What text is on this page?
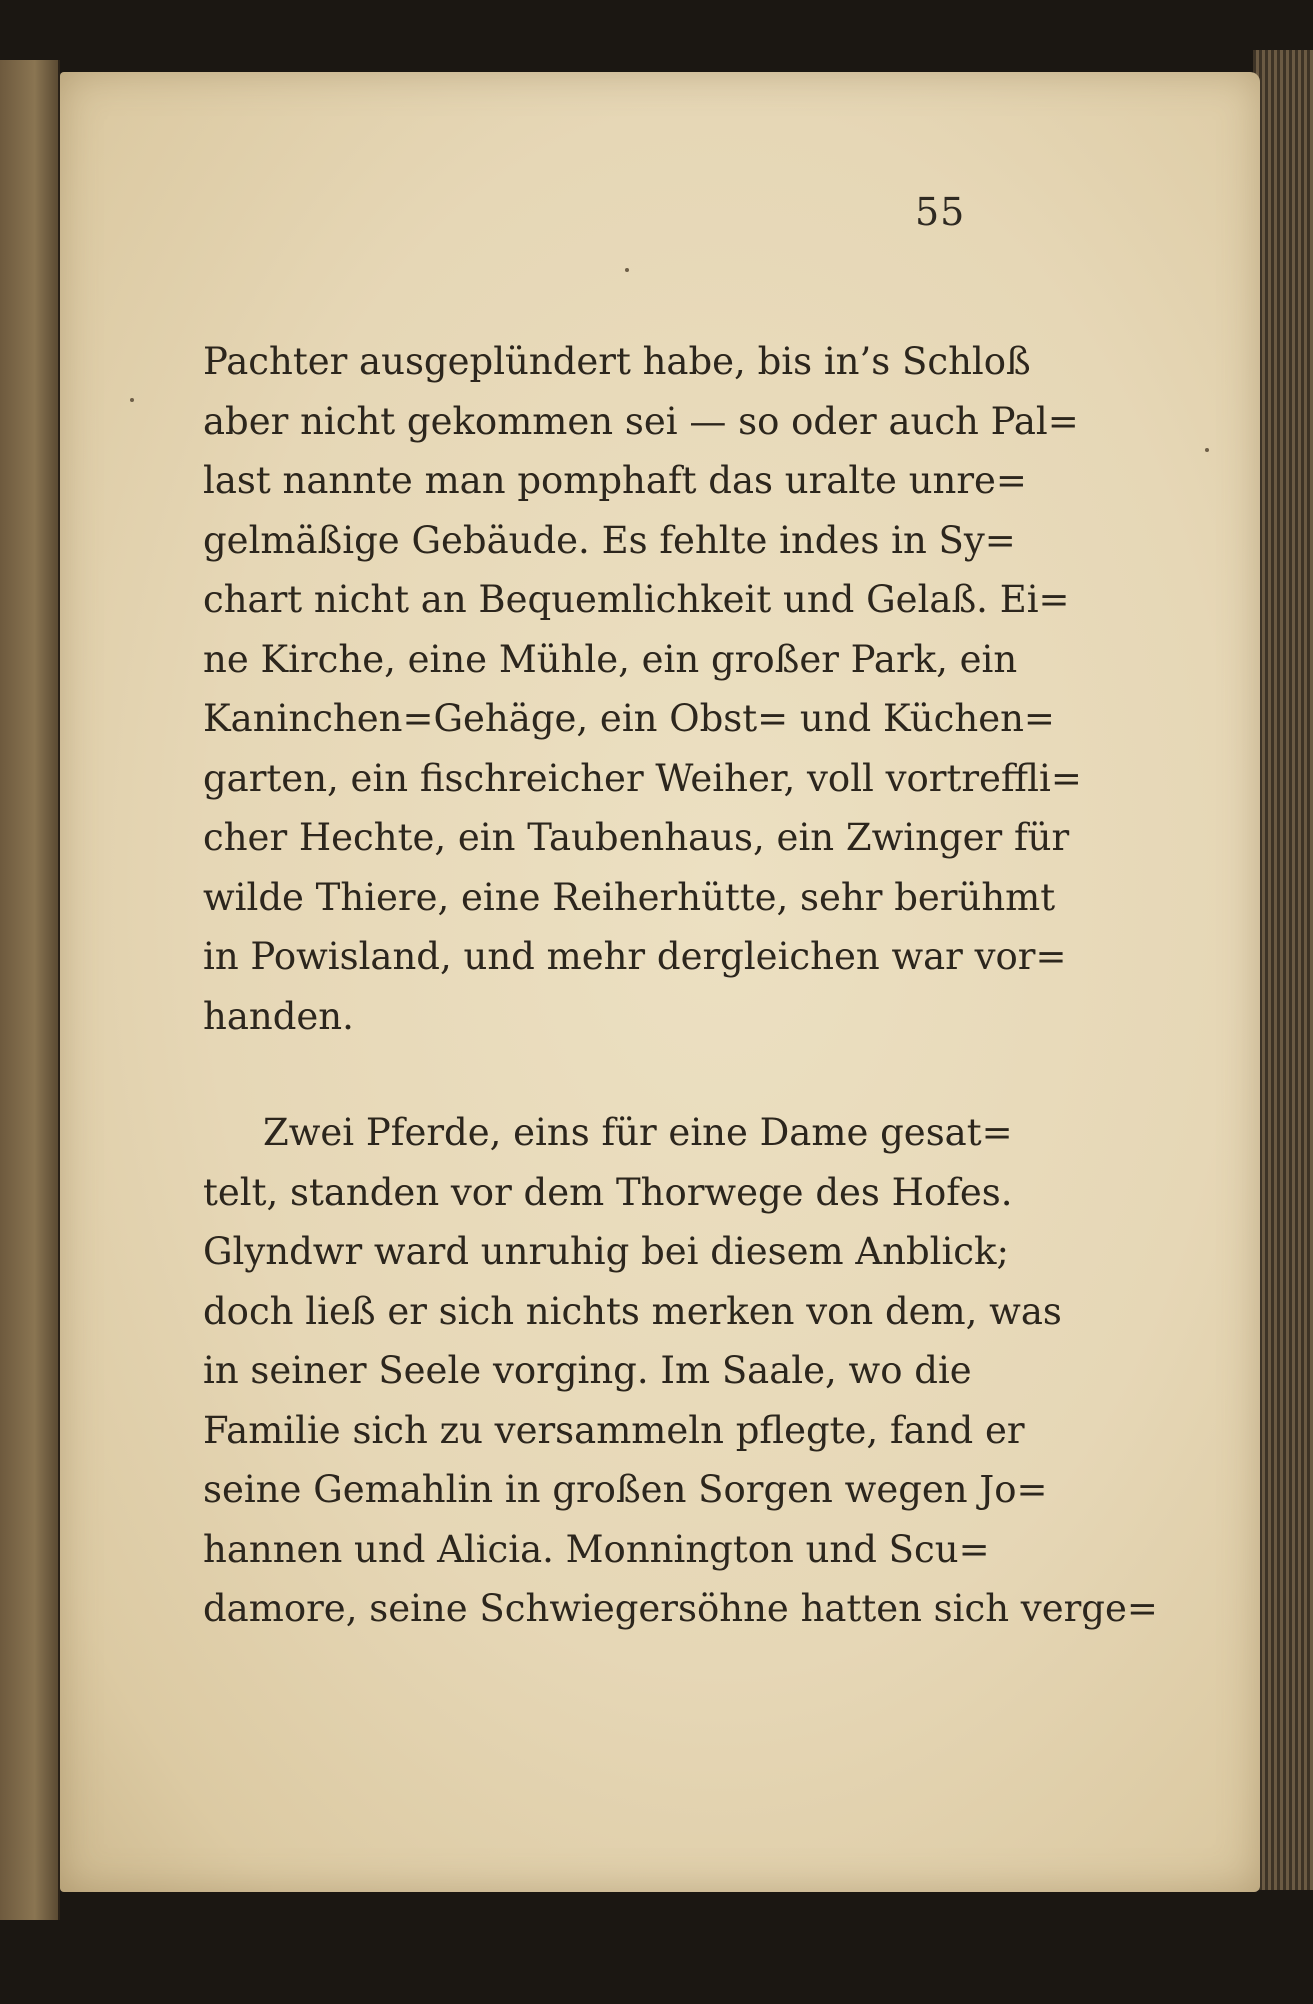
55
Pachter ausgeplündert habe, bis in’s Schloß
aber nicht gekommen sei — so oder auch Pal=
last nannte man pomphaft das uralte unre=
gelmäßige Gebäude. Es fehlte indes in Sy=
chart nicht an Bequemlichkeit und Gelaß. Ei=
ne Kirche, eine Mühle, ein großer Park, ein
Kaninchen=Gehäge, ein Obst= und Küchen=
garten, ein fischreicher Weiher, voll vortreffli=
cher Hechte, ein Taubenhaus, ein Zwinger für
wilde Thiere, eine Reiherhütte, sehr berühmt
in Powisland, und mehr dergleichen war vor=
handen.
Zwei Pferde, eins für eine Dame gesat=
telt, standen vor dem Thorwege des Hofes.
Glyndwr ward unruhig bei diesem Anblick;
doch ließ er sich nichts merken von dem, was
in seiner Seele vorging. Im Saale, wo die
Familie sich zu versammeln pflegte, fand er
seine Gemahlin in großen Sorgen wegen Jo=
hannen und Alicia. Monnington und Scu=
damore, seine Schwiegersöhne hatten sich verge=
